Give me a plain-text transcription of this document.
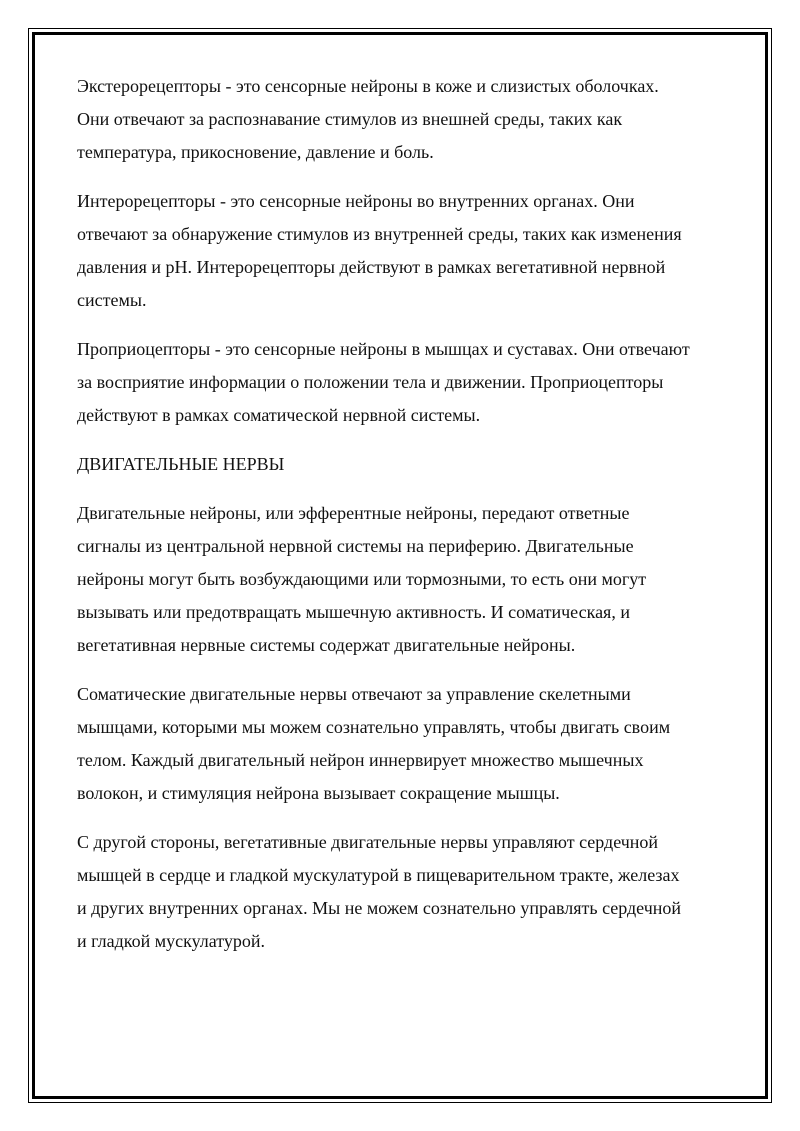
Экстерорецепторы - это сенсорные нейроны в коже и слизистых оболочках.
Они отвечают за распознавание стимулов из внешней среды, таких как
температура, прикосновение, давление и боль.

Интерорецепторы - это сенсорные нейроны во внутренних органах. Они
отвечают за обнаружение стимулов из внутренней среды, таких как изменения
давления и рН. Интерорецепторы действуют в рамках вегетативной нервной
системы.

Проприоцепторы - это сенсорные нейроны в мышцах и суставах. Они отвечают
за восприятие информации о положении тела и движении. Проприоцепторы
действуют в рамках соматической нервной системы.

ДВИГАТЕЛЬНЫЕ НЕРВЫ

Двигательные нейроны, или эфферентные нейроны, передают ответные
сигналы из центральной нервной системы на периферию. Двигательные
нейроны могут быть возбуждающими или тормозными, то есть они могут
вызывать или предотвращать мышечную активность. И соматическая, и
вегетативная нервные системы содержат двигательные нейроны.

Соматические двигательные нервы отвечают за управление скелетными
мышцами, которыми мы можем сознательно управлять, чтобы двигать своим
телом. Каждый двигательный нейрон иннервирует множество мышечных
волокон, и стимуляция нейрона вызывает сокращение мышцы.

С другой стороны, вегетативные двигательные нервы управляют сердечной
мышцей в сердце и гладкой мускулатурой в пищеварительном тракте, железах
и других внутренних органах. Мы не можем сознательно управлять сердечной
и гладкой мускулатурой.
